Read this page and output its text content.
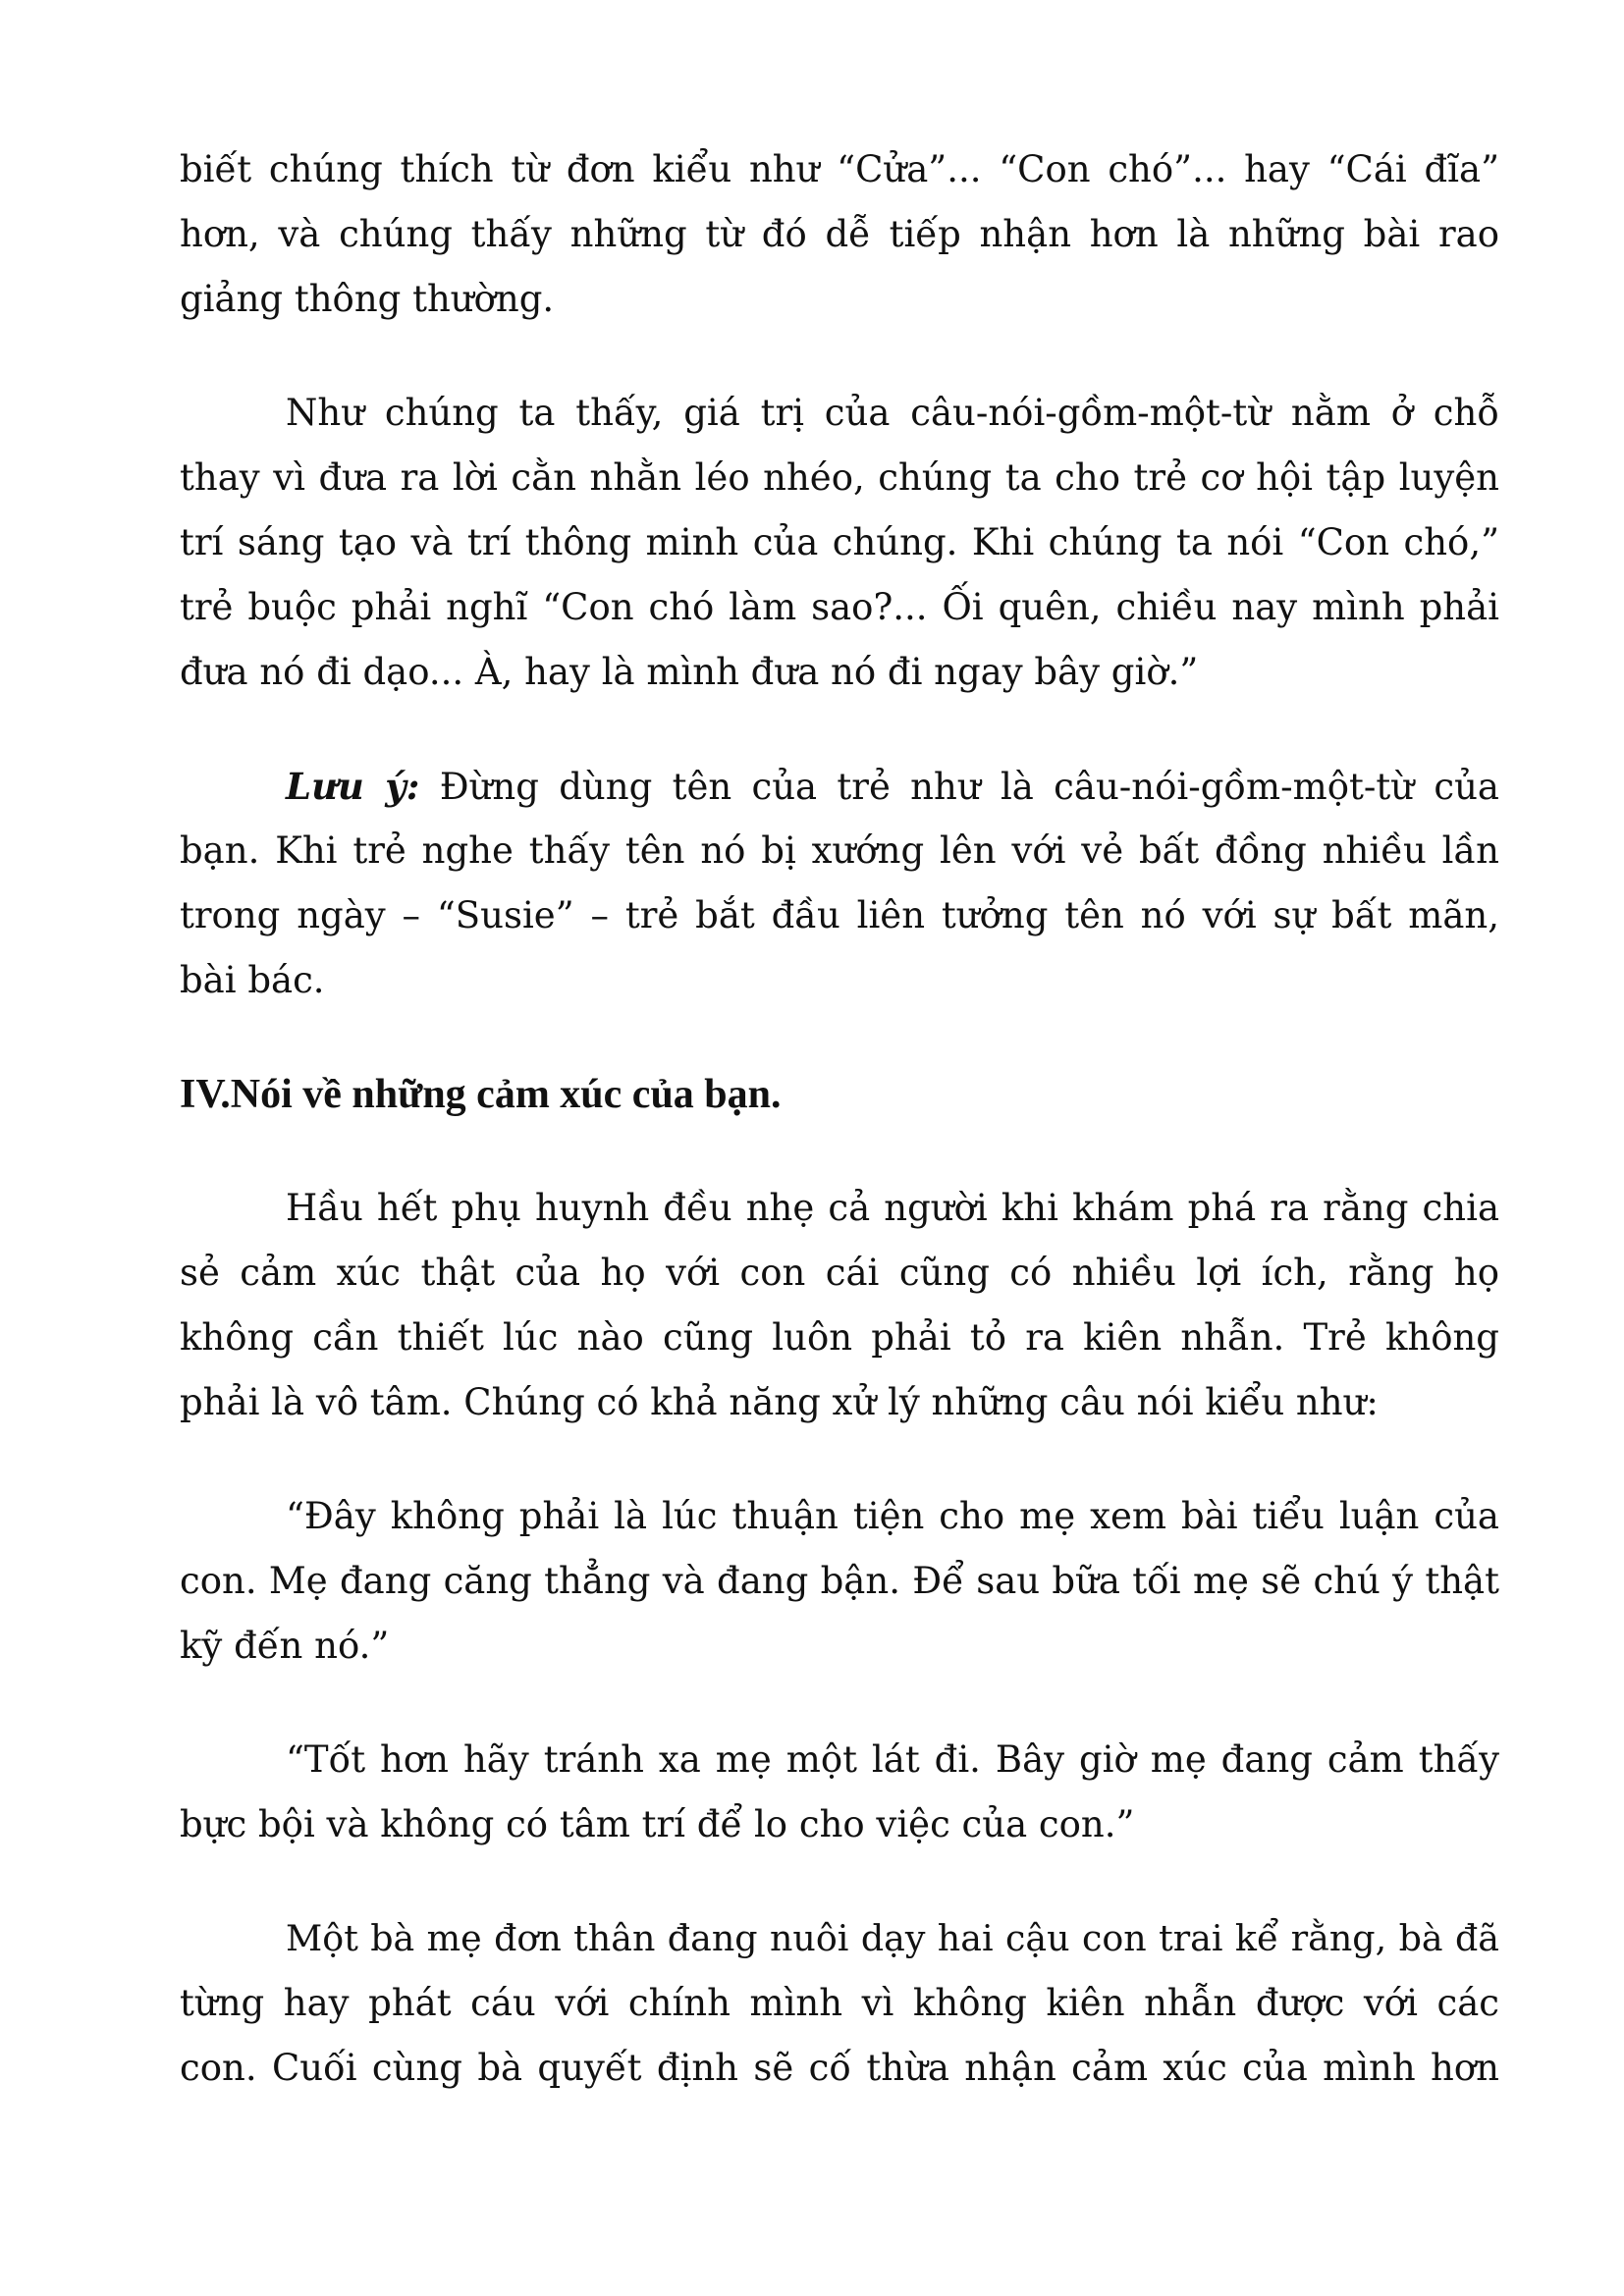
biết chúng thích từ đơn kiểu như “Cửa”... “Con chó”... hay “Cái đĩa”
hơn, và chúng thấy những từ đó dễ tiếp nhận hơn là những bài rao
giảng thông thường.
Như chúng ta thấy, giá trị của câu-nói-gồm-một-từ nằm ở chỗ
thay vì đưa ra lời cằn nhằn léo nhéo, chúng ta cho trẻ cơ hội tập luyện
trí sáng tạo và trí thông minh của chúng. Khi chúng ta nói “Con chó,”
trẻ buộc phải nghĩ “Con chó làm sao?... Ối quên, chiều nay mình phải
đưa nó đi dạo... À, hay là mình đưa nó đi ngay bây giờ.”
Lưu ý: Đừng dùng tên của trẻ như là câu-nói-gồm-một-từ của
bạn. Khi trẻ nghe thấy tên nó bị xướng lên với vẻ bất đồng nhiều lần
trong ngày – “Susie” – trẻ bắt đầu liên tưởng tên nó với sự bất mãn,
bài bác.
IV.Nói về những cảm xúc của bạn.
Hầu hết phụ huynh đều nhẹ cả người khi khám phá ra rằng chia
sẻ cảm xúc thật của họ với con cái cũng có nhiều lợi ích, rằng họ
không cần thiết lúc nào cũng luôn phải tỏ ra kiên nhẫn. Trẻ không
phải là vô tâm. Chúng có khả năng xử lý những câu nói kiểu như:
“Đây không phải là lúc thuận tiện cho mẹ xem bài tiểu luận của
con. Mẹ đang căng thẳng và đang bận. Để sau bữa tối mẹ sẽ chú ý thật
kỹ đến nó.”
“Tốt hơn hãy tránh xa mẹ một lát đi. Bây giờ mẹ đang cảm thấy
bực bội và không có tâm trí để lo cho việc của con.”
Một bà mẹ đơn thân đang nuôi dạy hai cậu con trai kể rằng, bà đã
từng hay phát cáu với chính mình vì không kiên nhẫn được với các
con. Cuối cùng bà quyết định sẽ cố thừa nhận cảm xúc của mình hơn
